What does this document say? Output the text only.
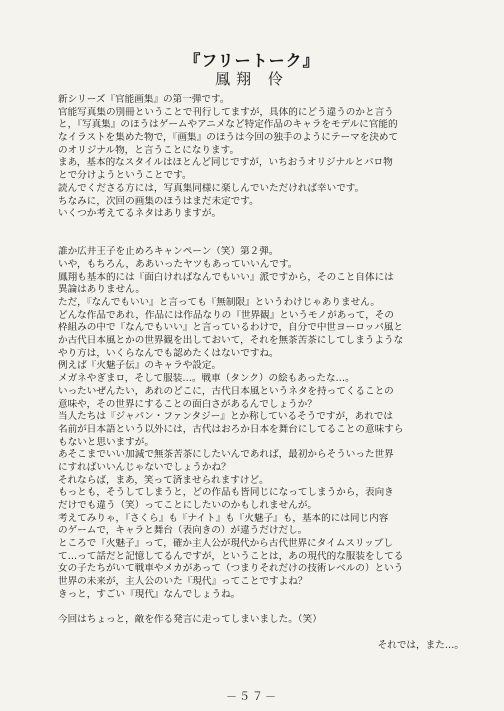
『フリートーク』
鳳翔 伶
新シリーズ『官能画集』の第一弾です。
官能写真集の別冊ということで刊行してますが，具体的にどう違うのかと言う
と，『写真集』のほうはゲームやアニメなど特定作品のキャラをモデルに官能的
なイラストを集めた物で，『画集』のほうは今回の独手のようにテーマを決めて
のオリジナル物，と言うことになります。
まあ，基本的なスタイルはほとんど同じですが，いちおうオリジナルとパロ物
とで分けようということです。
読んでくださる方には，写真集同様に楽しんでいただければ幸いです。
ちなみに，次回の画集のほうはまだ未定です。
いくつか考えてるネタはありますが。
誰か広井王子を止めろキャンペーン（笑）第２弾。
いや，もちろん，ああいったヤツもあっていいんです。
鳳翔も基本的には『面白ければなんでもいい』派ですから，そのこと自体には
異論はありません。
ただ，『なんでもいい』と言っても『無制限』というわけじゃありません。
どんな作品であれ，作品には作品なりの『世界観』というモノがあって，その
枠組みの中で『なんでもいい』と言っているわけで，自分で中世ヨーロッパ風と
か古代日本風とかの世界観を出しておいて，それを無茶苦茶にしてしまうような
やり方は，いくらなんでも認めたくはないですね。
例えば『火魅子伝』のキャラや設定。
メガネやぎまロ，そして服装…。戦車（タンク）の絵もあったな…。
いったいぜんたい，あれのどこに，古代日本風というネタを持ってくることの
意味や，その世界にすることの面白さがあるんでしょうか？
当人たちは『ジャパン・ファンタジー』とか称しているそうですが，あれでは
名前が日本語という以外には，古代はおろか日本を舞台にしてることの意味すら
もないと思いますが。
あそこまでいい加減で無茶苦茶にしたいんであれば，最初からそういった世界
にすればいいんじゃないでしょうかね？
それならば，まあ，笑って済ませられますけど。
もっとも，そうしてしまうと，どの作品も皆同じになってしまうから，表向き
だけでも違う（笑）ってことにしたいのかもしれませんが。
考えてみりゃ，『さくら』も『ナイト』も『火魅子』も，基本的には同じ内容
のゲームで，キャラと舞台（表向きの）が違うだけだし。
ところで『火魅子』って，確か主人公が現代から古代世界にタイムスリップし
て…って話だと記憶してるんですが，ということは，あの現代的な服装をしてる
女の子たちがいて戦車やメカがあって（つまりそれだけの技術レベルの）という
世界の未来が，主人公のいた『現代』ってことですよね？
きっと，すごい『現代』なんでしょうね。
今回はちょっと，敵を作る発言に走ってしまいました。（笑）
それでは，また…。
－５７－
